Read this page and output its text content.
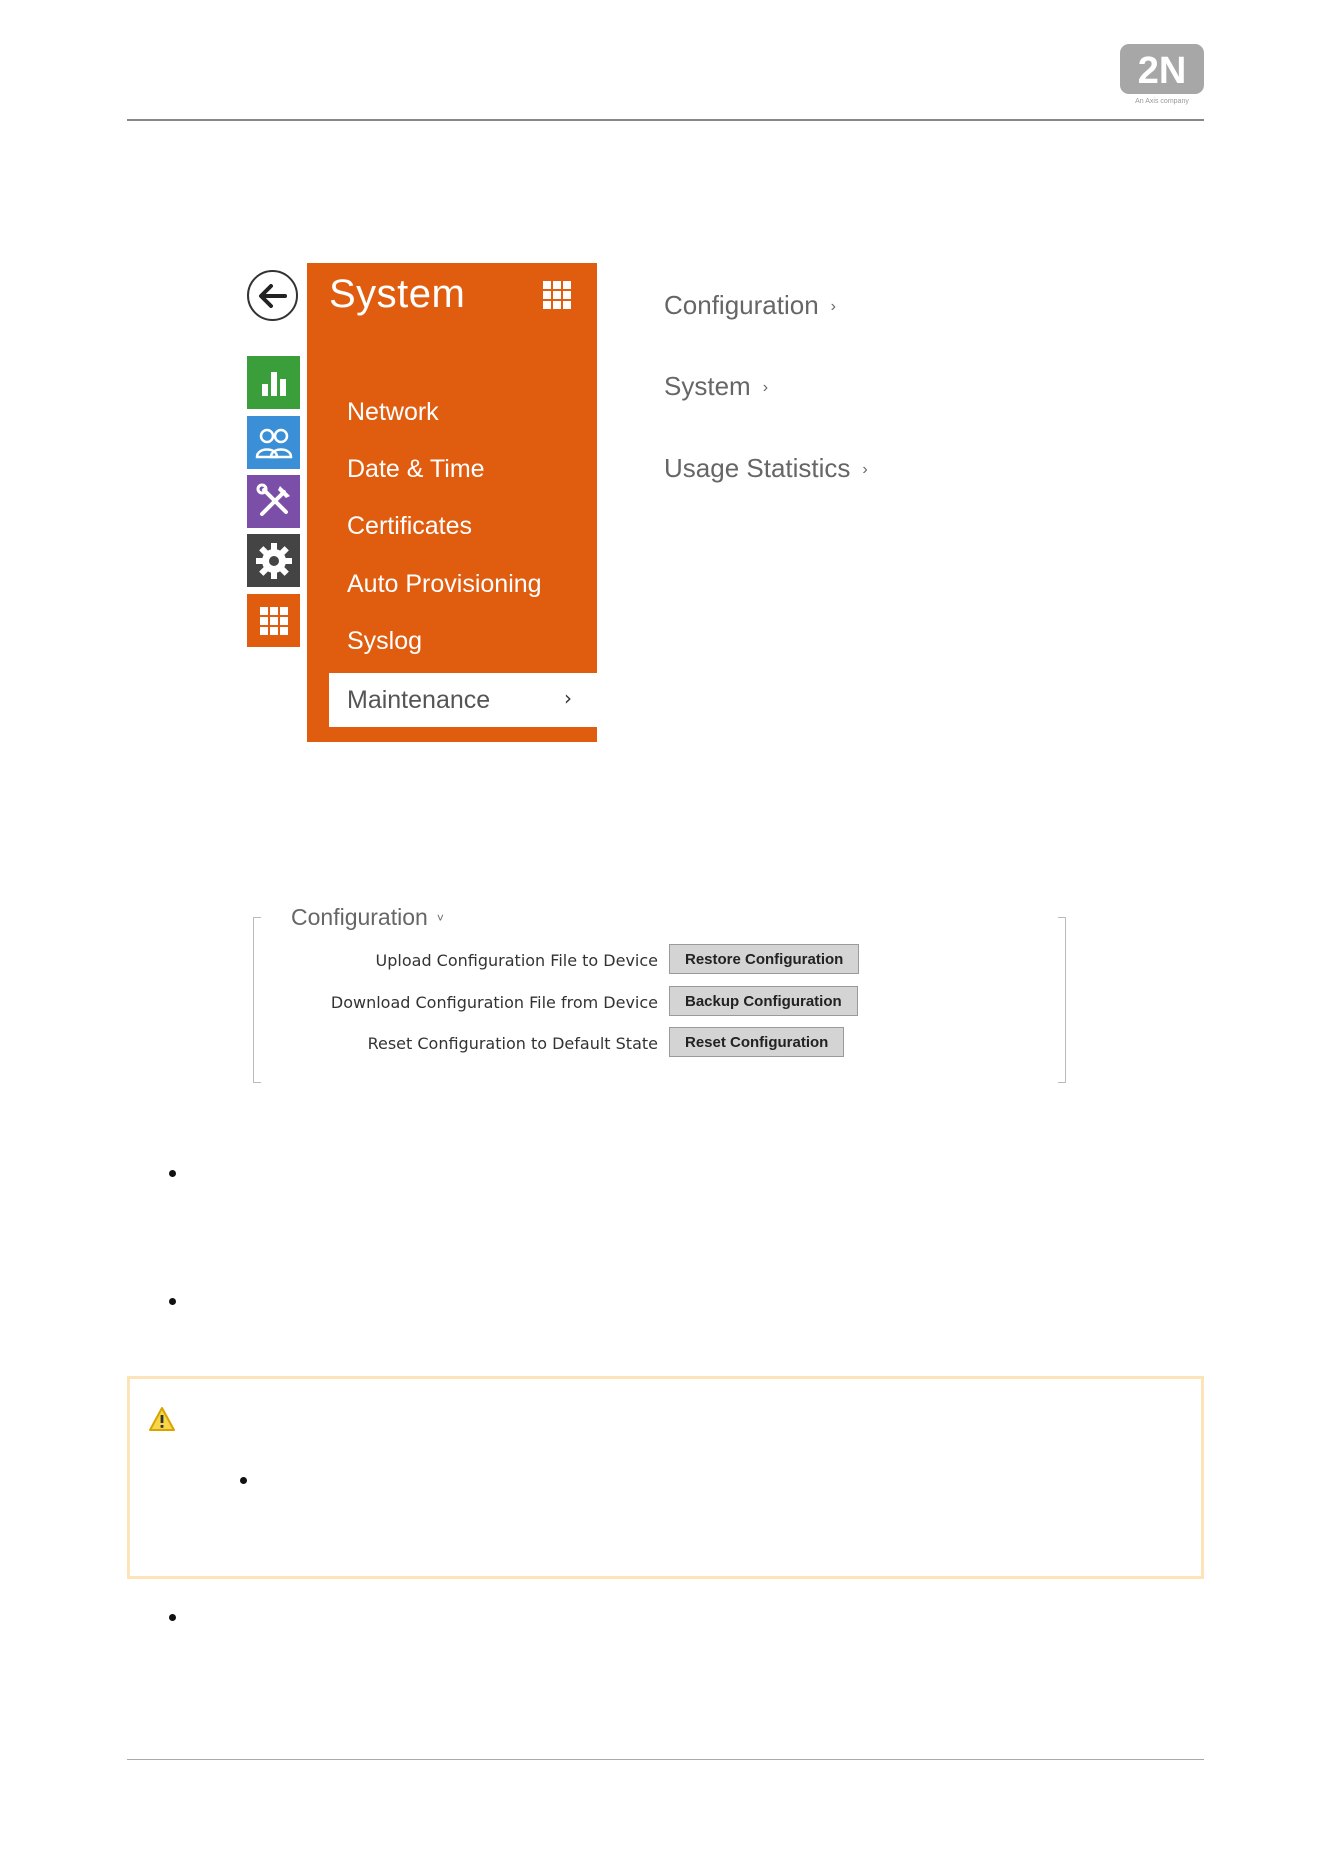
2N
An Axis company
System
Network
Date & Time
Certificates
Auto Provisioning
Syslog
Maintenance	›
Configuration ›
System ›
Usage Statistics ›
Configuration ˅
Upload Configuration File to Device	Restore Configuration
Download Configuration File from Device	Backup Configuration
Reset Configuration to Default State	Reset Configuration
